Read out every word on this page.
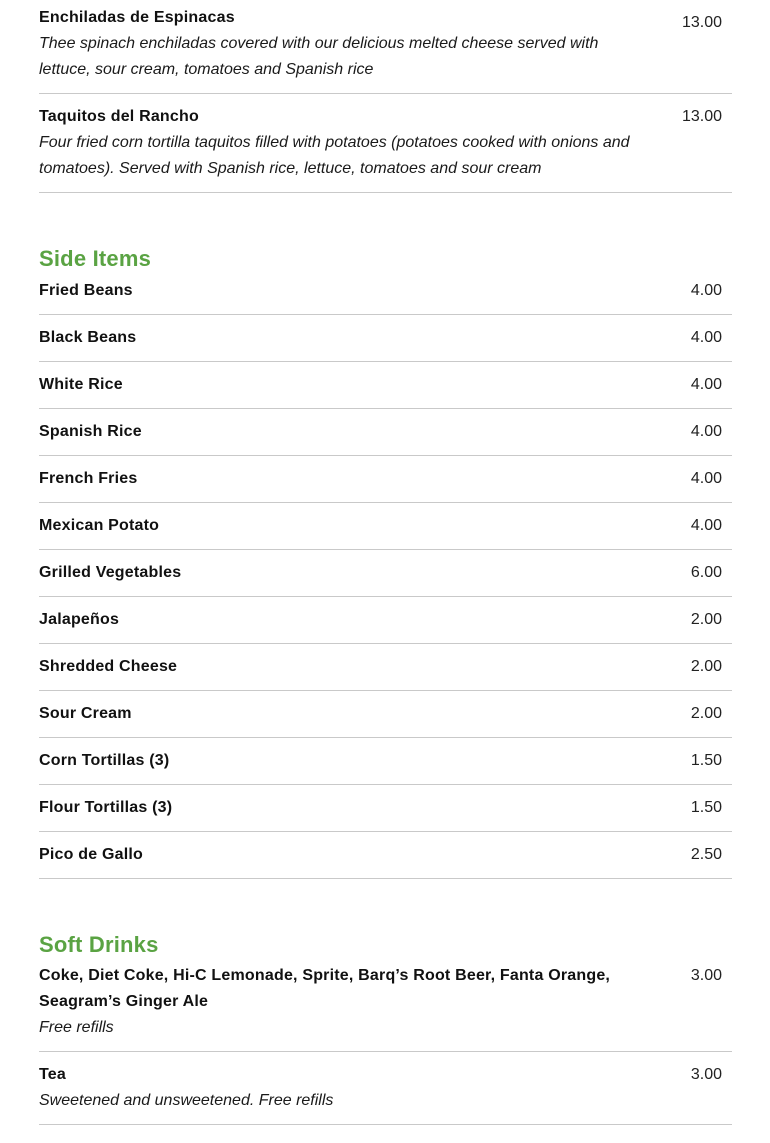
Enchiladas de Espinacas
Thee spinach enchiladas covered with our delicious melted cheese served with lettuce, sour cream, tomatoes and Spanish rice
13.00
Taquitos del Rancho
Four fried corn tortilla taquitos filled with potatoes (potatoes cooked with onions and tomatoes). Served with Spanish rice, lettuce, tomatoes and sour cream
13.00
Side Items
Fried Beans	4.00
Black Beans	4.00
White Rice	4.00
Spanish Rice	4.00
French Fries	4.00
Mexican Potato	4.00
Grilled Vegetables	6.00
Jalapeños	2.00
Shredded Cheese	2.00
Sour Cream	2.00
Corn Tortillas (3)	1.50
Flour Tortillas (3)	1.50
Pico de Gallo	2.50
Soft Drinks
Coke, Diet Coke, Hi-C Lemonade, Sprite, Barq’s Root Beer, Fanta Orange, Seagram’s Ginger Ale
Free refills
3.00
Tea
Sweetened and unsweetened. Free refills
3.00
